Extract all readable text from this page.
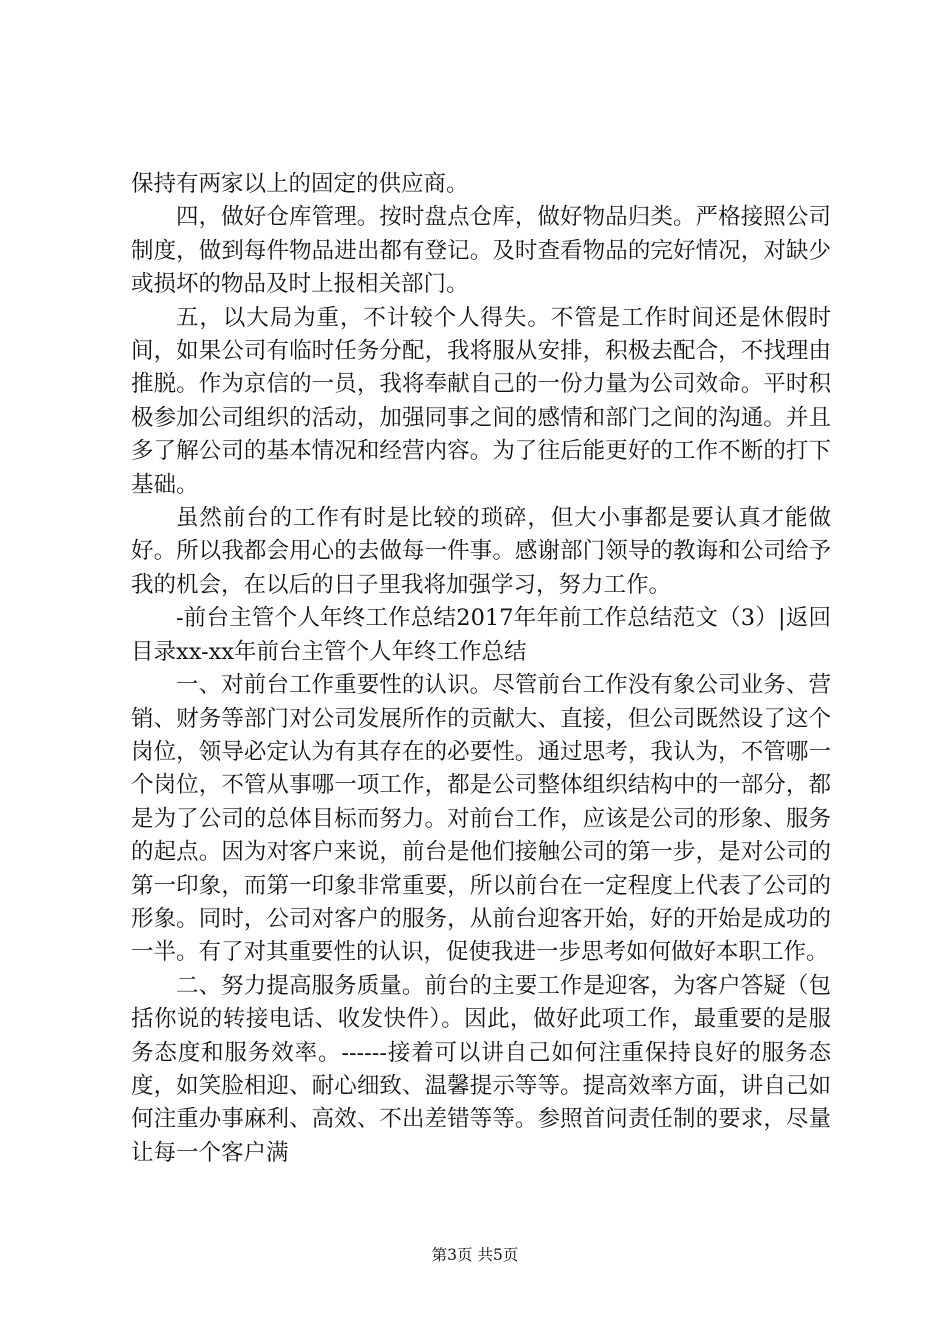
保持有两家以上的固定的供应商。

四，做好仓库管理。按时盘点仓库，做好物品归类。严格接照公司制度，做到每件物品进出都有登记。及时查看物品的完好情况，对缺少或损坏的物品及时上报相关部门。

五，以大局为重，不计较个人得失。不管是工作时间还是休假时间，如果公司有临时任务分配，我将服从安排，积极去配合，不找理由推脱。作为京信的一员，我将奉献自己的一份力量为公司效命。平时积极参加公司组织的活动，加强同事之间的感情和部门之间的沟通。并且多了解公司的基本情况和经营内容。为了往后能更好的工作不断的打下基础。

虽然前台的工作有时是比较的琐碎，但大小事都是要认真才能做好。所以我都会用心的去做每一件事。感谢部门领导的教诲和公司给予我的机会，在以后的日子里我将加强学习，努力工作。

-前台主管个人年终工作总结2017年年前工作总结范文（3）|返回目录xx-xx年前台主管个人年终工作总结

一、对前台工作重要性的认识。尽管前台工作没有象公司业务、营销、财务等部门对公司发展所作的贡献大、直接，但公司既然设了这个岗位，领导必定认为有其存在的必要性。通过思考，我认为，不管哪一个岗位，不管从事哪一项工作，都是公司整体组织结构中的一部分，都是为了公司的总体目标而努力。对前台工作，应该是公司的形象、服务的起点。因为对客户来说，前台是他们接触公司的第一步，是对公司的第一印象，而第一印象非常重要，所以前台在一定程度上代表了公司的形象。同时，公司对客户的服务，从前台迎客开始，好的开始是成功的一半。有了对其重要性的认识，促使我进一步思考如何做好本职工作。

二、努力提高服务质量。前台的主要工作是迎客，为客户答疑（包括你说的转接电话、收发快件）。因此，做好此项工作，最重要的是服务态度和服务效率。------接着可以讲自己如何注重保持良好的服务态度，如笑脸相迎、耐心细致、温馨提示等等。提高效率方面，讲自己如何注重办事麻利、高效、不出差错等等。参照首问责任制的要求，尽量让每一个客户满

第3页 共5页
